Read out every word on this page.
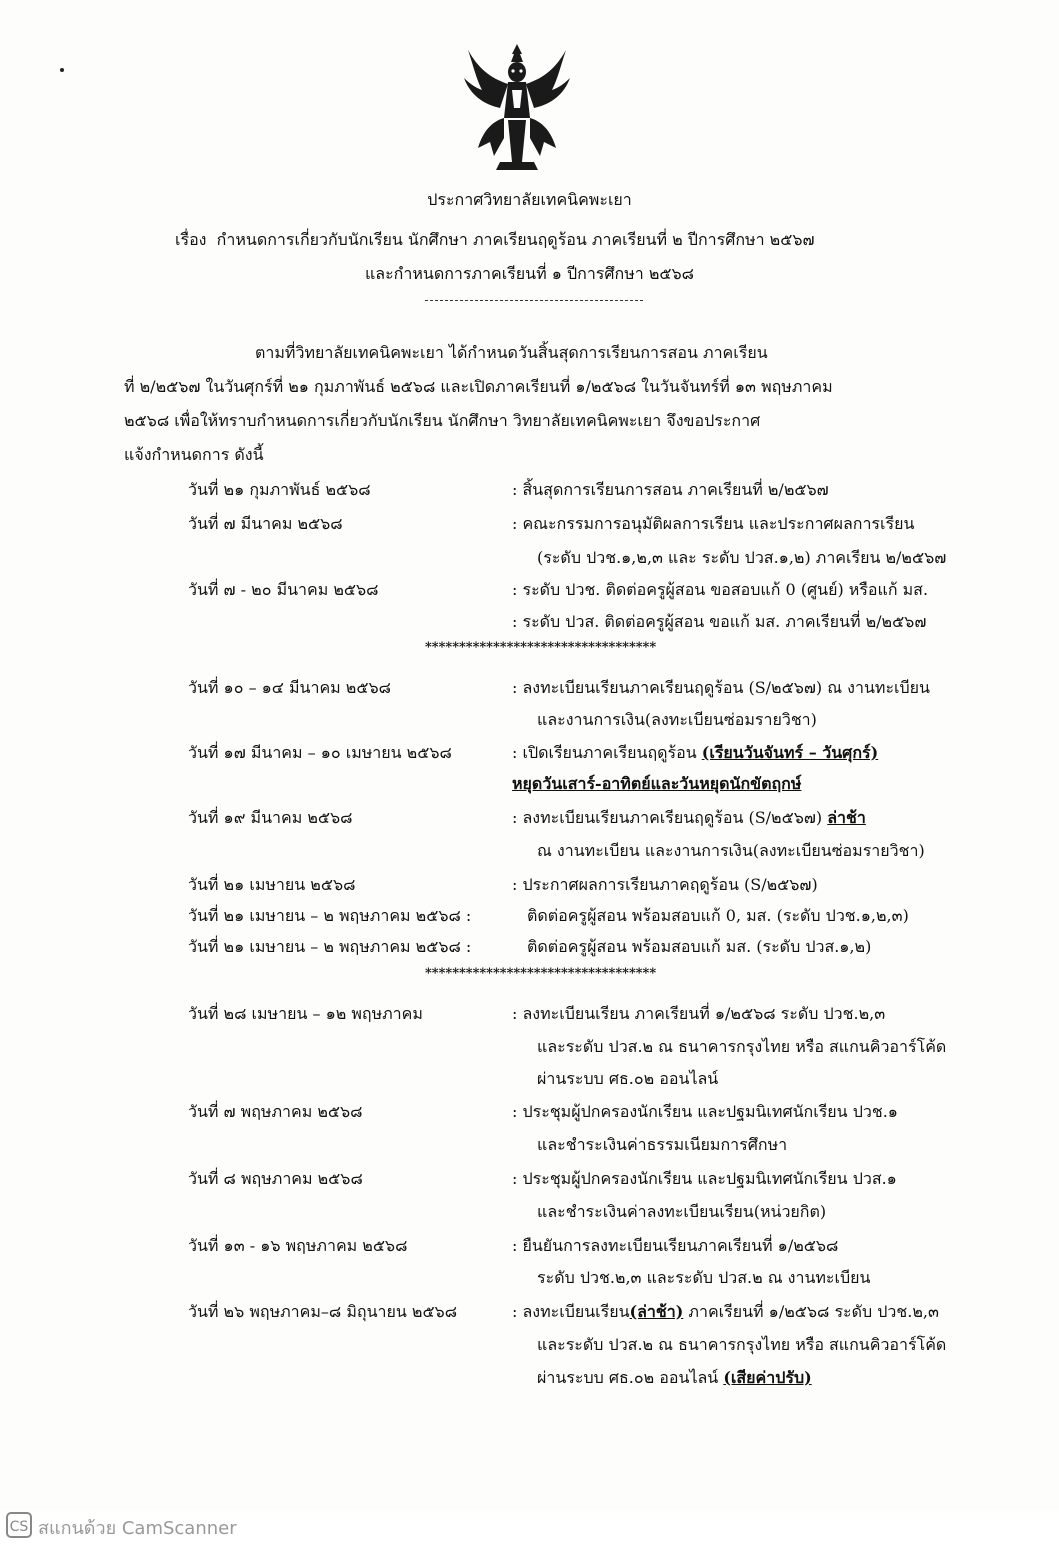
ประกาศวิทยาลัยเทคนิคพะเยา
เรื่อง กำหนดการเกี่ยวกับนักเรียน นักศึกษา ภาคเรียนฤดูร้อน ภาคเรียนที่ ๒ ปีการศึกษา ๒๕๖๗
และกำหนดการภาคเรียนที่ ๑ ปีการศึกษา ๒๕๖๘
ตามที่วิทยาลัยเทคนิคพะเยา ได้กำหนดวันสิ้นสุดการเรียนการสอน ภาคเรียน
ที่ ๒/๒๕๖๗ ในวันศุกร์ที่ ๒๑ กุมภาพันธ์ ๒๕๖๘ และเปิดภาคเรียนที่ ๑/๒๕๖๘ ในวันจันทร์ที่ ๑๓ พฤษภาคม
๒๕๖๘ เพื่อให้ทราบกำหนดการเกี่ยวกับนักเรียน นักศึกษา วิทยาลัยเทคนิคพะเยา จึงขอประกาศ
แจ้งกำหนดการ ดังนี้
วันที่ ๒๑ กุมภาพันธ์ ๒๕๖๘	: สิ้นสุดการเรียนการสอน ภาคเรียนที่ ๒/๒๕๖๗
วันที่ ๗ มีนาคม ๒๕๖๘	: คณะกรรมการอนุมัติผลการเรียน และประกาศผลการเรียน
(ระดับ ปวช.๑,๒,๓ และ ระดับ ปวส.๑,๒) ภาคเรียน ๒/๒๕๖๗
วันที่ ๗ - ๒๐ มีนาคม ๒๕๖๘	: ระดับ ปวช. ติดต่อครูผู้สอน ขอสอบแก้ 0 (ศูนย์) หรือแก้ มส.
: ระดับ ปวส. ติดต่อครูผู้สอน ขอแก้ มส. ภาคเรียนที่ ๒/๒๕๖๗
**********************************
วันที่ ๑๐ – ๑๔ มีนาคม ๒๕๖๘	: ลงทะเบียนเรียนภาคเรียนฤดูร้อน (S/๒๕๖๗) ณ งานทะเบียน
และงานการเงิน(ลงทะเบียนซ่อมรายวิชา)
วันที่ ๑๗ มีนาคม – ๑๐ เมษายน ๒๕๖๘	: เปิดเรียนภาคเรียนฤดูร้อน (เรียนวันจันทร์ – วันศุกร์)
หยุดวันเสาร์-อาทิตย์และวันหยุดนักขัตฤกษ์
วันที่ ๑๙ มีนาคม ๒๕๖๘	: ลงทะเบียนเรียนภาคเรียนฤดูร้อน (S/๒๕๖๗) ล่าช้า
ณ งานทะเบียน และงานการเงิน(ลงทะเบียนซ่อมรายวิชา)
วันที่ ๒๑ เมษายน ๒๕๖๘	: ประกาศผลการเรียนภาคฤดูร้อน (S/๒๕๖๗)
วันที่ ๒๑ เมษายน – ๒ พฤษภาคม ๒๕๖๘ :	ติดต่อครูผู้สอน พร้อมสอบแก้ 0, มส. (ระดับ ปวช.๑,๒,๓)
วันที่ ๒๑ เมษายน – ๒ พฤษภาคม ๒๕๖๘ :	ติดต่อครูผู้สอน พร้อมสอบแก้ มส. (ระดับ ปวส.๑,๒)
**********************************
วันที่ ๒๘ เมษายน – ๑๒ พฤษภาคม	: ลงทะเบียนเรียน ภาคเรียนที่ ๑/๒๕๖๘ ระดับ ปวช.๒,๓
และระดับ ปวส.๒ ณ ธนาคารกรุงไทย หรือ สแกนคิวอาร์โค้ด
ผ่านระบบ ศธ.๐๒ ออนไลน์
วันที่ ๗ พฤษภาคม ๒๕๖๘	: ประชุมผู้ปกครองนักเรียน และปฐมนิเทศนักเรียน ปวช.๑
และชำระเงินค่าธรรมเนียมการศึกษา
วันที่ ๘ พฤษภาคม ๒๕๖๘	: ประชุมผู้ปกครองนักเรียน และปฐมนิเทศนักเรียน ปวส.๑
และชำระเงินค่าลงทะเบียนเรียน(หน่วยกิต)
วันที่ ๑๓ - ๑๖ พฤษภาคม ๒๕๖๘	: ยืนยันการลงทะเบียนเรียนภาคเรียนที่ ๑/๒๕๖๘
ระดับ ปวช.๒,๓ และระดับ ปวส.๒ ณ งานทะเบียน
วันที่ ๒๖ พฤษภาคม–๘ มิถุนายน ๒๕๖๘	: ลงทะเบียนเรียน(ล่าช้า) ภาคเรียนที่ ๑/๒๕๖๘ ระดับ ปวช.๒,๓
และระดับ ปวส.๒ ณ ธนาคารกรุงไทย หรือ สแกนคิวอาร์โค้ด
ผ่านระบบ ศธ.๐๒ ออนไลน์ (เสียค่าปรับ)
CS สแกนด้วย CamScanner
